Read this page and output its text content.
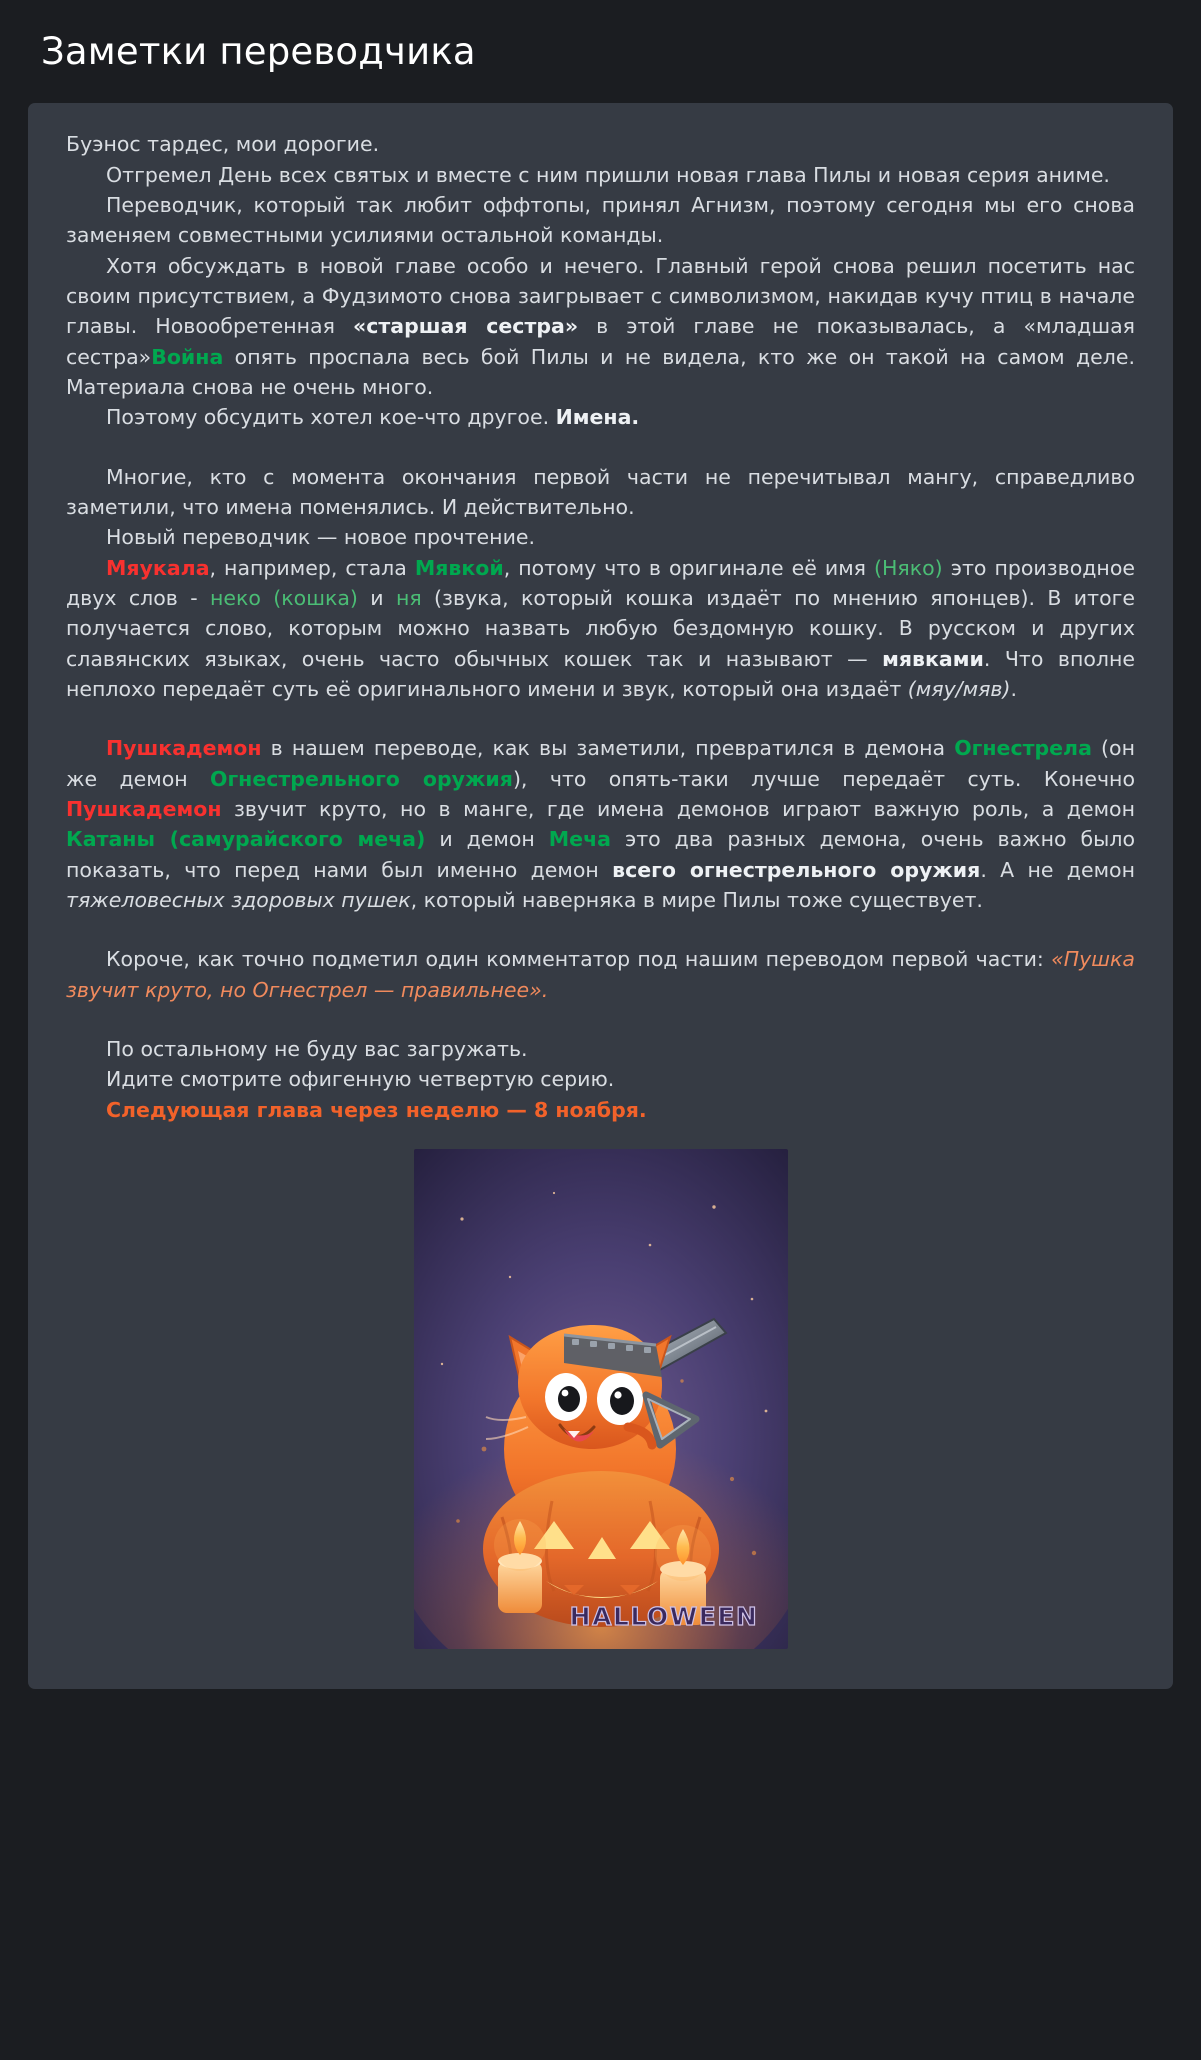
Заметки переводчика

Буэнос тардес, мои дорогие.

Отгремел День всех святых и вместе с ним пришли новая глава Пилы и новая серия аниме.

Переводчик, который так любит оффтопы, принял Агнизм, поэтому сегодня мы его снова заменяем совместными усилиями остальной команды.

Хотя обсуждать в новой главе особо и нечего. Главный герой снова решил посетить нас своим присутствием, а Фудзимото снова заигрывает с символизмом, накидав кучу птиц в начале главы. Новообретенная «старшая сестра» в этой главе не показывалась, а «младшая сестра»Война опять проспала весь бой Пилы и не видела, кто же он такой на самом деле. Материала снова не очень много.

Поэтому обсудить хотел кое-что другое. Имена.

Многие, кто с момента окончания первой части не перечитывал мангу, справедливо заметили, что имена поменялись. И действительно.

Новый переводчик — новое прочтение.

Мяукала, например, стала Мявкой, потому что в оригинале её имя (Няко) это производное двух слов - неко (кошка) и ня (звука, который кошка издаёт по мнению японцев). В итоге получается слово, которым можно назвать любую бездомную кошку. В русском и других славянских языках, очень часто обычных кошек так и называют — мявками. Что вполне неплохо передаёт суть её оригинального имени и звук, который она издаёт (мяу/мяв).

Пушкадемон в нашем переводе, как вы заметили, превратился в демона Огнестрела (он же демон Огнестрельного оружия), что опять-таки лучше передаёт суть. Конечно Пушкадемон звучит круто, но в манге, где имена демонов играют важную роль, а демон Катаны (самурайского меча) и демон Меча это два разных демона, очень важно было показать, что перед нами был именно демон всего огнестрельного оружия. А не демон тяжеловесных здоровых пушек, который наверняка в мире Пилы тоже существует.

Короче, как точно подметил один комментатор под нашим переводом первой части: «Пушка звучит круто, но Огнестрел — правильнее».

По остальному не буду вас загружать.

Идите смотрите офигенную четвертую серию.

Следующая глава через неделю — 8 ноября.

HALLOWEEN
